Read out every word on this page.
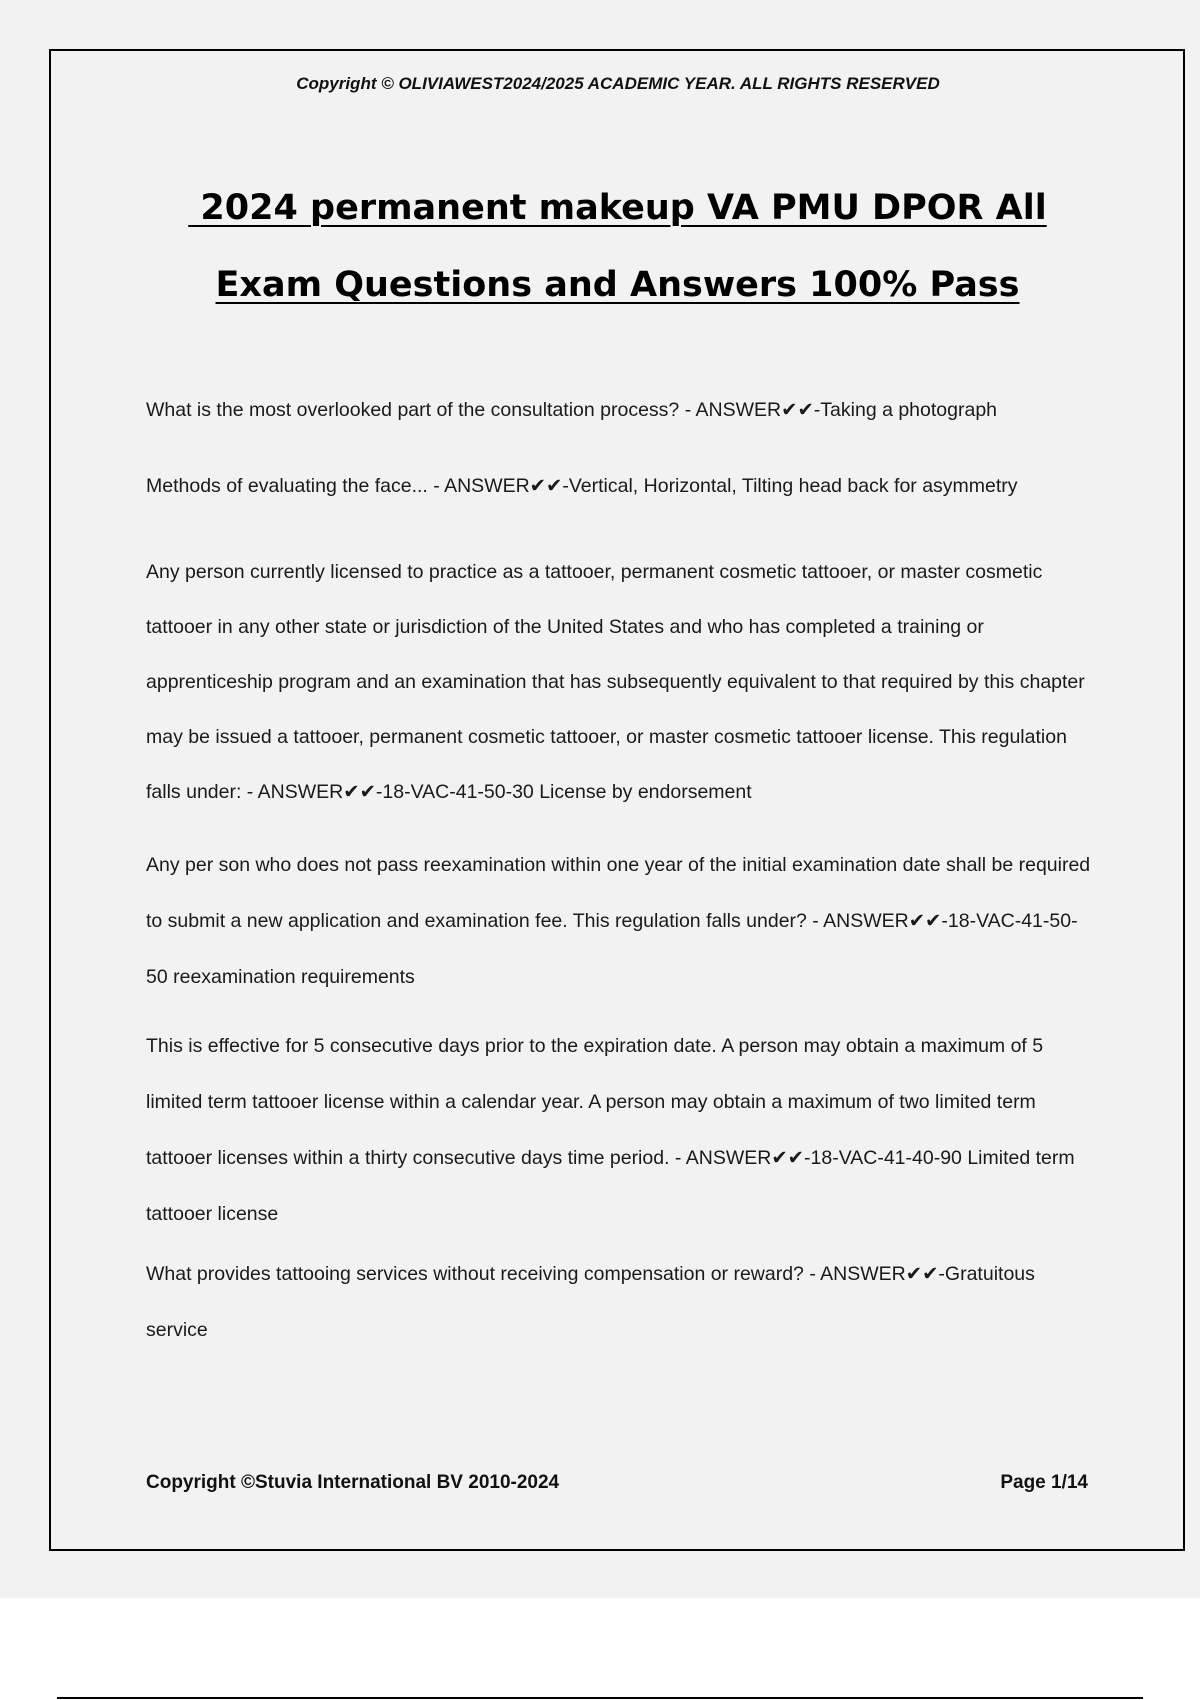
Copyright © OLIVIAWEST2024/2025 ACADEMIC YEAR. ALL RIGHTS RESERVED
2024 permanent makeup VA PMU DPOR All
Exam Questions and Answers 100% Pass

What is the most overlooked part of the consultation process? - ANSWER✔✔-Taking a photograph

Methods of evaluating the face... - ANSWER✔✔-Vertical, Horizontal, Tilting head back for asymmetry

Any person currently licensed to practice as a tattooer, permanent cosmetic tattooer, or master cosmetic tattooer in any other state or jurisdiction of the United States and who has completed a training or apprenticeship program and an examination that has subsequently equivalent to that required by this chapter may be issued a tattooer, permanent cosmetic tattooer, or master cosmetic tattooer license. This regulation falls under: - ANSWER✔✔-18-VAC-41-50-30 License by endorsement

Any per son who does not pass reexamination within one year of the initial examination date shall be required to submit a new application and examination fee. This regulation falls under? - ANSWER✔✔-18-VAC-41-50-50 reexamination requirements

This is effective for 5 consecutive days prior to the expiration date. A person may obtain a maximum of 5 limited term tattooer license within a calendar year. A person may obtain a maximum of two limited term tattooer licenses within a thirty consecutive days time period. - ANSWER✔✔-18-VAC-41-40-90 Limited term tattooer license

What provides tattooing services without receiving compensation or reward? - ANSWER✔✔-Gratuitous service

Copyright ©Stuvia International BV 2010-2024	Page 1/14
